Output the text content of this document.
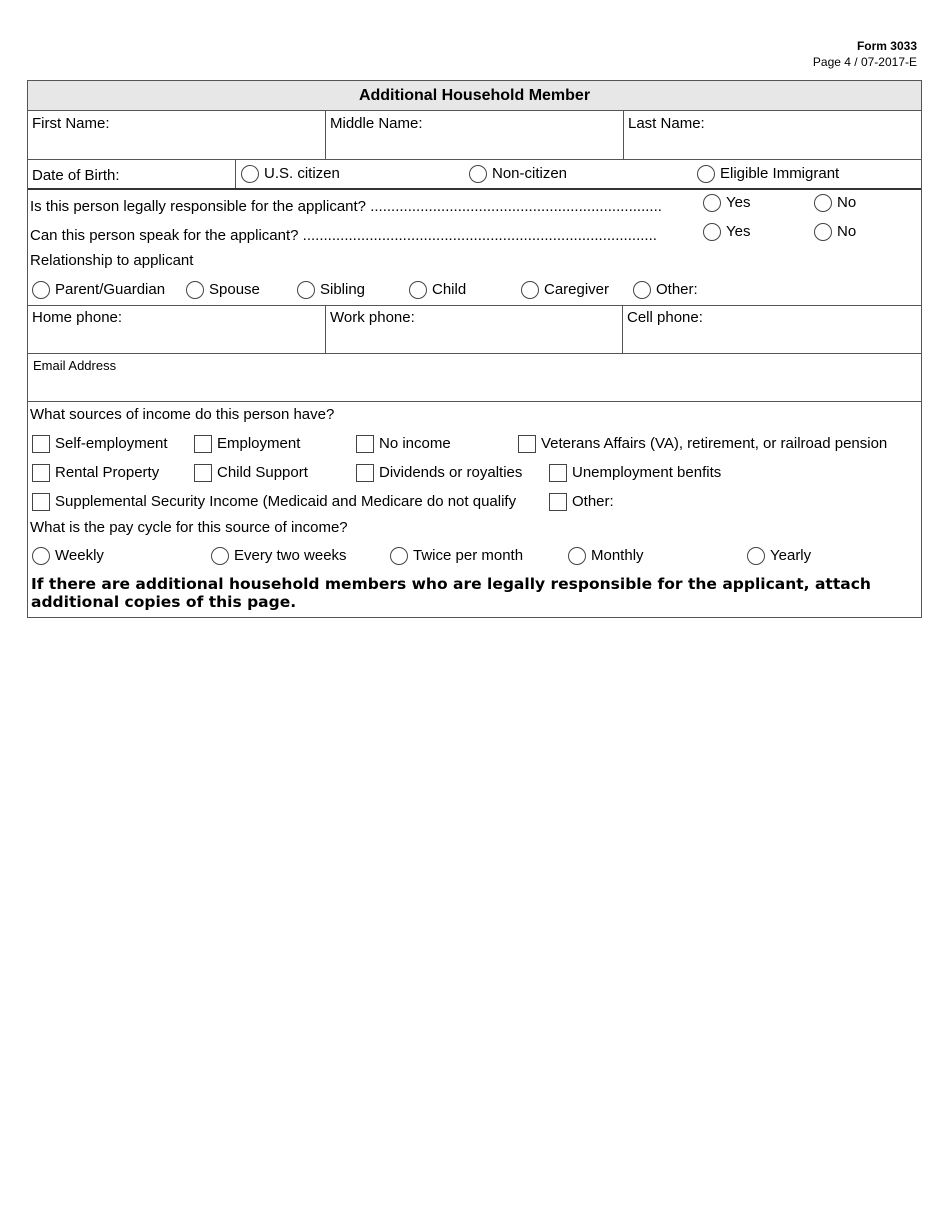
Form 3033
Page 4 / 07-2017-E
Additional Household Member
First Name:	Middle Name:	Last Name:
Date of Birth:	U.S. citizen	Non-citizen	Eligible Immigrant
Is this person legally responsible for the applicant? ......................................................................	Yes	No
Can this person speak for the applicant? .....................................................................................	Yes	No
Relationship to applicant
Parent/Guardian	Spouse	Sibling	Child	Caregiver	Other:
Home phone:	Work phone:	Cell phone:
Email Address
What sources of income do this person have?
Self-employment	Employment	No income	Veterans Affairs (VA), retirement, or railroad pension
Rental Property	Child Support	Dividends or royalties	Unemployment benfits
Supplemental Security Income (Medicaid and Medicare do not qualify	Other:
What is the pay cycle for this source of income?
Weekly	Every two weeks	Twice per month	Monthly	Yearly
If there are additional household members who are legally responsible for the applicant, attach additional copies of this page.
